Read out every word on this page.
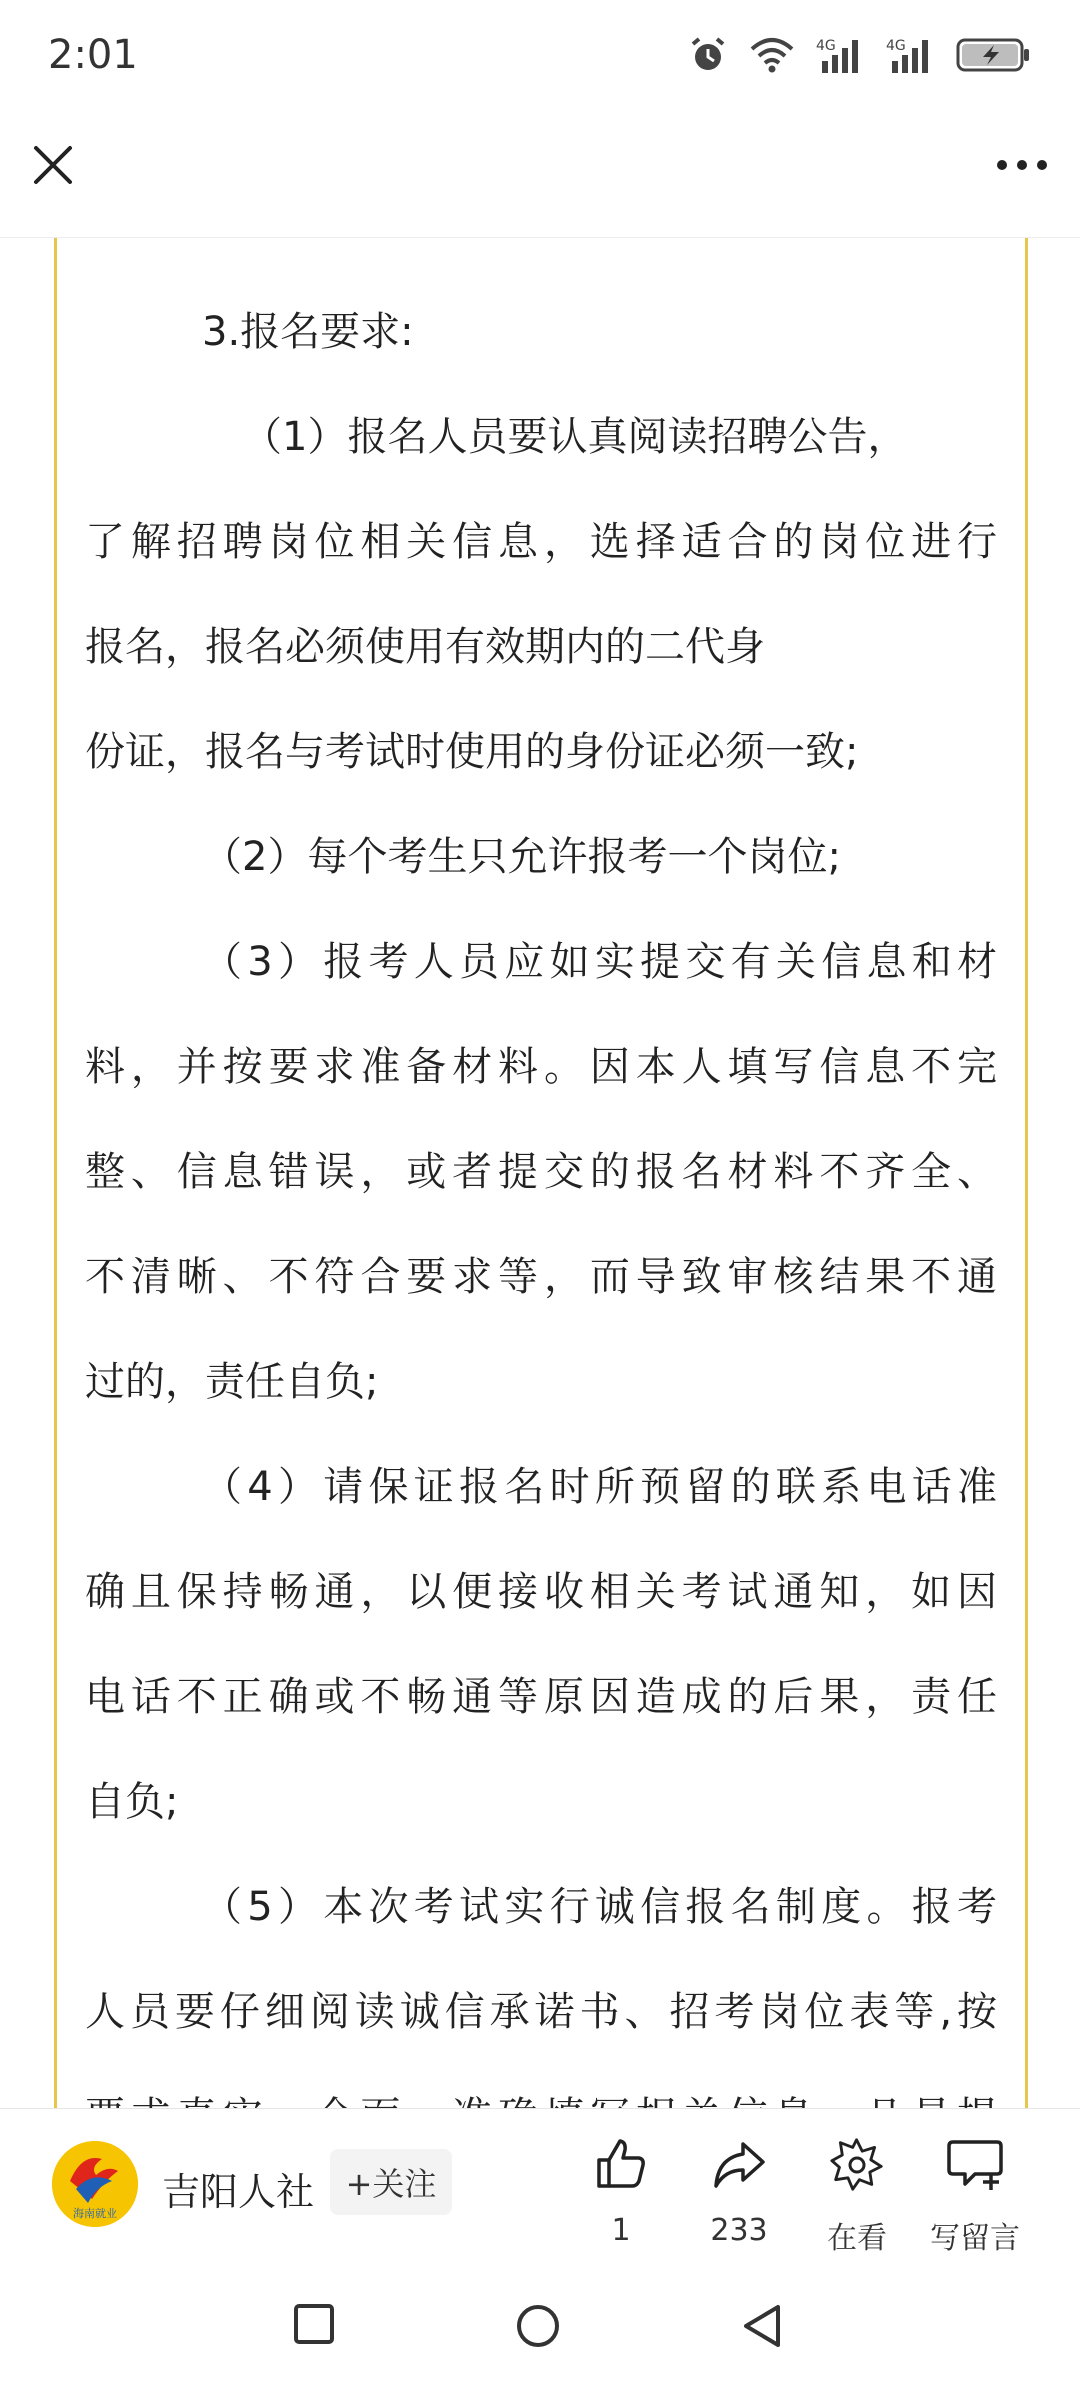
2:01	4G	4G
3.报名要求:
（1）报名人员要认真阅读招聘公告，
了解招聘岗位相关信息，选择适合的岗位进行
报名，报名必须使用有效期内的二代身
份证，报名与考试时使用的身份证必须一致;
（2）每个考生只允许报考一个岗位;
（3）报考人员应如实提交有关信息和材
料，并按要求准备材料。因本人填写信息不完
整、信息错误，或者提交的报名材料不齐全、
不清晰、不符合要求等，而导致审核结果不通
过的，责任自负;
（4）请保证报名时所预留的联系电话准
确且保持畅通，以便接收相关考试通知，如因
电话不正确或不畅通等原因造成的后果，责任
自负;
（5）本次考试实行诚信报名制度。报考
人员要仔细阅读诚信承诺书、招考岗位表等,按
海南就业 吉阳人社 +关注
1	233	在看	写留言
